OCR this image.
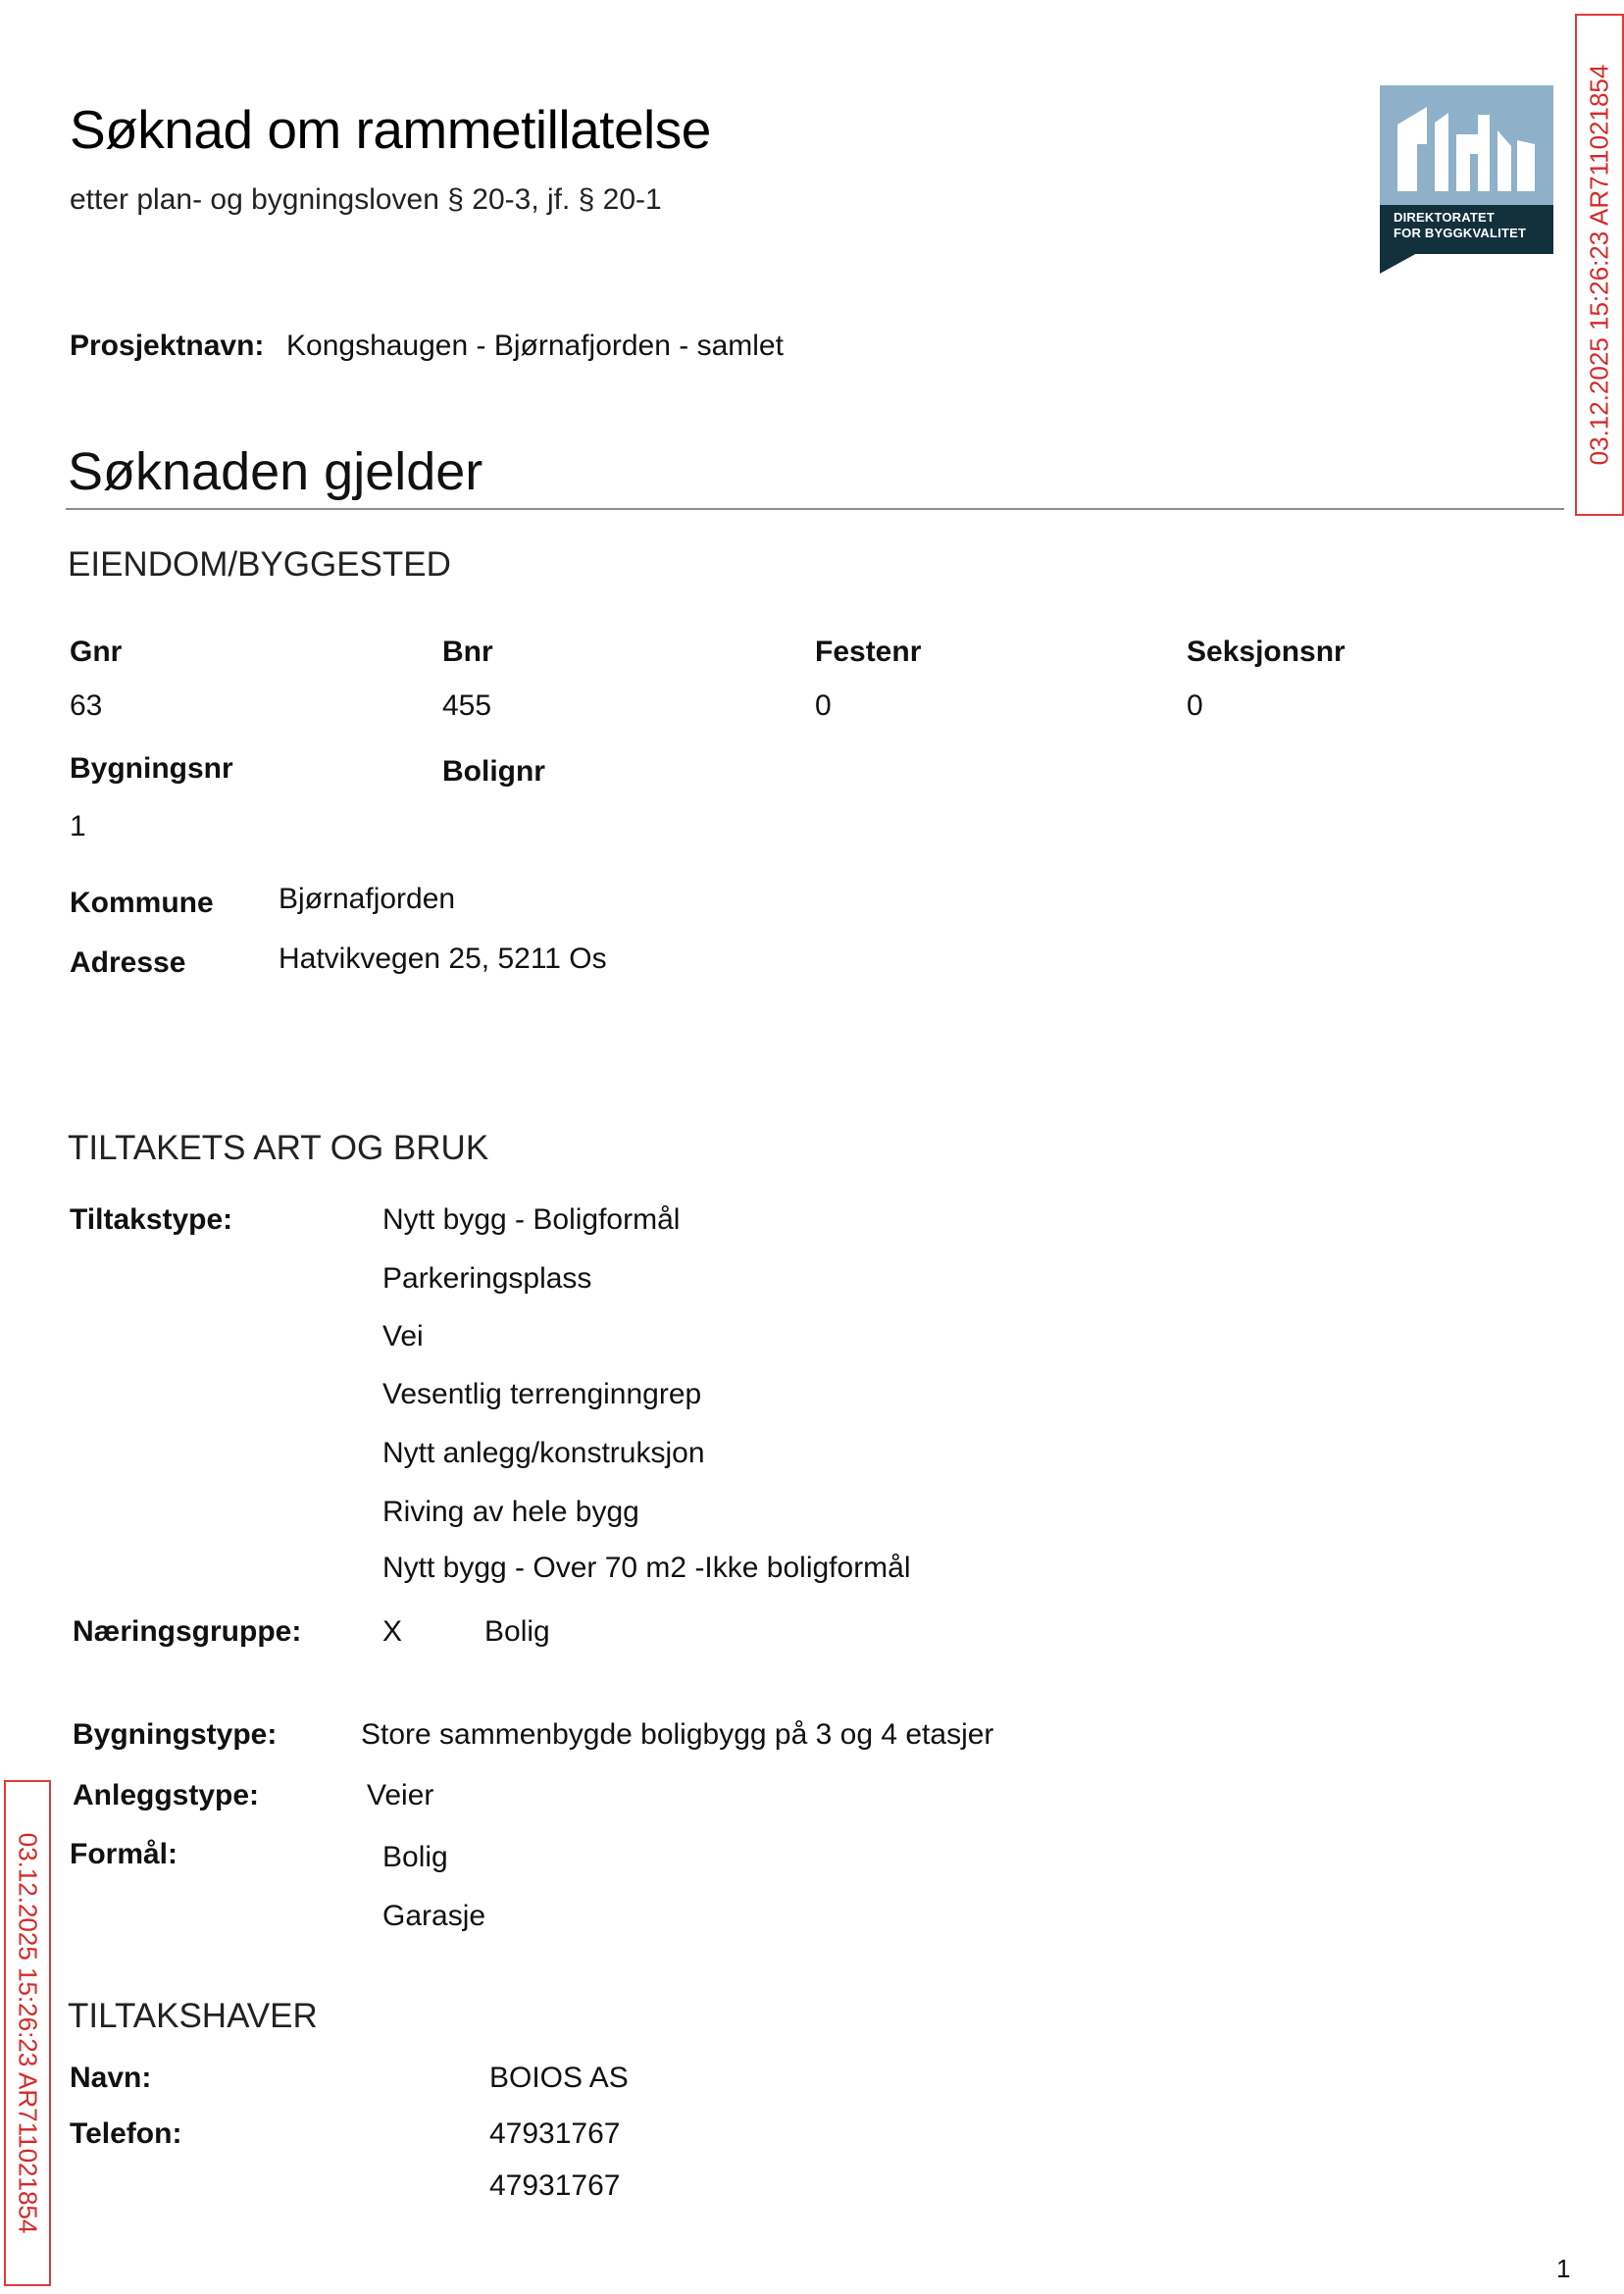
Søknad om rammetillatelse
etter plan- og bygningsloven § 20-3, jf. § 20-1
DIREKTORATET
FOR BYGGKVALITET
Prosjektnavn: Kongshaugen - Bjørnafjorden - samlet
Søknaden gjelder
EIENDOM/BYGGESTED
Gnr	Bnr	Festenr	Seksjonsnr
63	455	0	0
Bygningsnr	Bolignr
1
Kommune Bjørnafjorden
Adresse	Hatvikvegen 25, 5211 Os
TILTAKETS ART OG BRUK
Tiltakstype:	Nytt bygg - Boligformål
Parkeringsplass
Vei
Vesentlig terrenginngrep
Nytt anlegg/konstruksjon
Riving av hele bygg
Nytt bygg - Over 70 m2 -Ikke boligformål
Næringsgruppe:	X	Bolig
Bygningstype:	Store sammenbygde boligbygg på 3 og 4 etasjer
Anleggstype:	Veier
Formål:	Bolig
Garasje
TILTAKSHAVER
Navn:	BOIOS AS
Telefon:	47931767
47931767
03.12.2025 15:26:23 AR711021854
03.12.2025 15:26:23 AR711021854
1
